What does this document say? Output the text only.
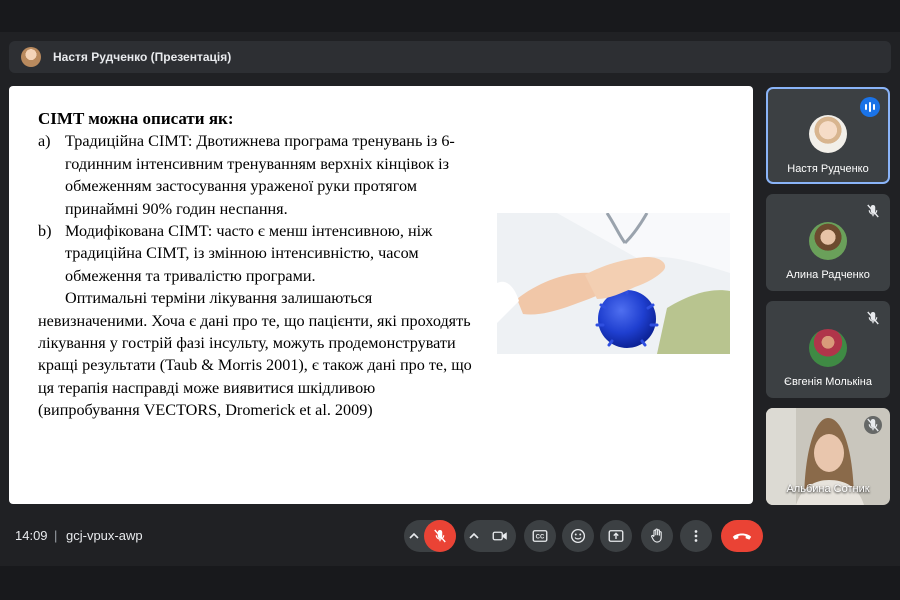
Настя Рудченко (Презентація)
CIMT можна описати як:
a) Традиційна CIMT: Двотижнева програма тренувань із 6-годинним інтенсивним тренуванням верхніх кінцівок із обмеженням застосування ураженої руки протягом принаймні 90% годин неспання.
b) Модифікована CIMT: часто є менш інтенсивною, ніж традиційна CIMT, із змінною інтенсивністю, часом обмеження та тривалістю програми.
Оптимальні терміни лікування залишаються невизначеними. Хоча є дані про те, що пацієнти, які проходять лікування у гострій фазі інсульту, можуть продемонструвати кращі результати (Taub & Morris 2001), є також дані про те, що ця терапія насправді може виявитися шкідливою (випробування VECTORS, Dromerick et al. 2009)
Настя Рудченко
Алина Радченко
Євгенія Молькіна
Альбина Сотник
14:09 | gcj-vpux-awp	CC
